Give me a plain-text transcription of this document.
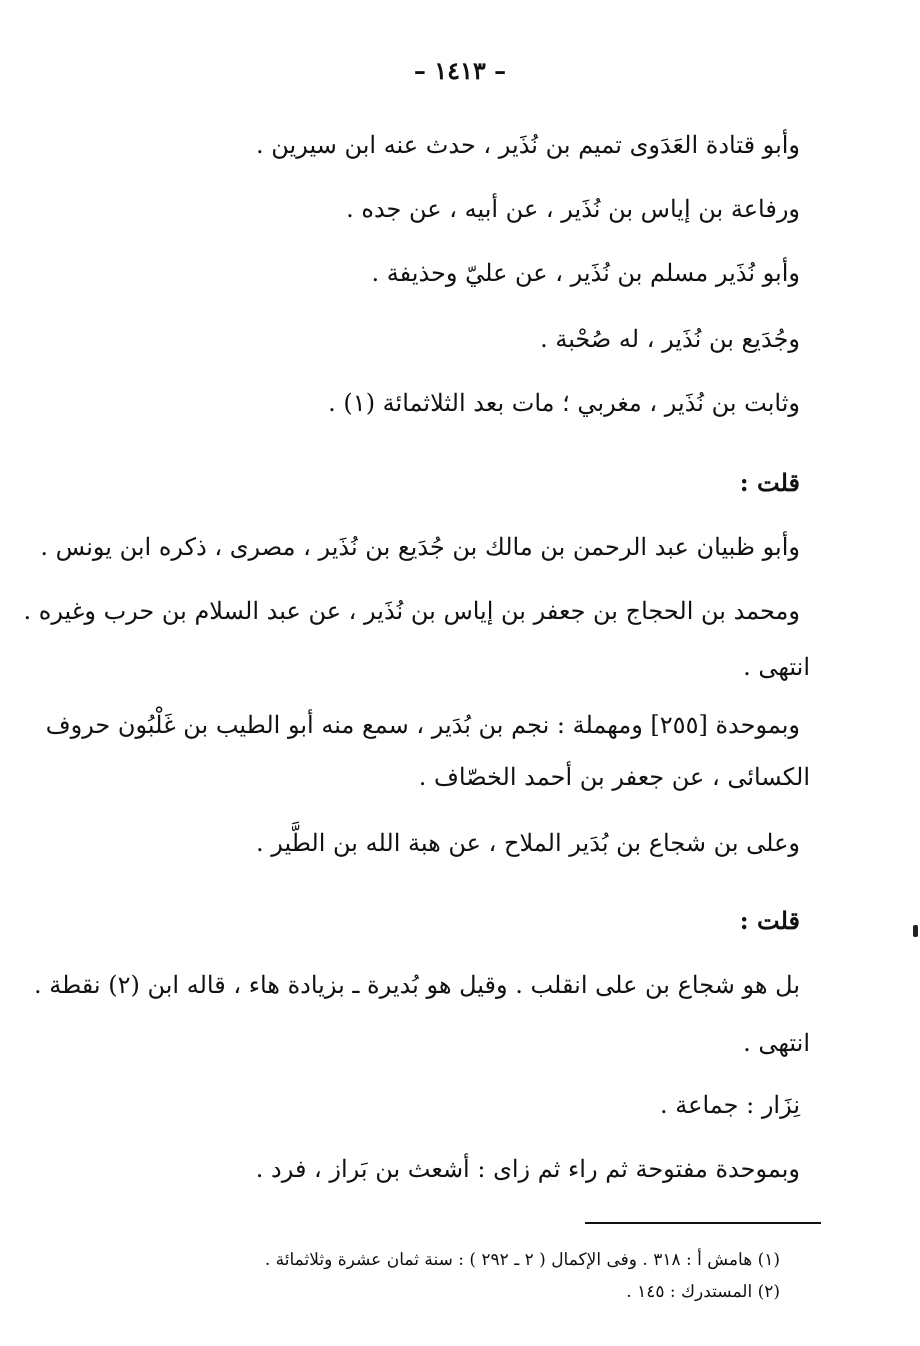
– ١٤١٣ –
وأبو قتادة العَدَوى تميم بن نُذَير ، حدث عنه ابن سيرين .
ورفاعة بن إياس بن نُذَير ، عن أبيه ، عن جده .
وأبو نُذَير مسلم بن نُذَير ، عن عليّ وحذيفة .
وجُدَيع بن نُذَير ، له صُحْبة .
وثابت بن نُذَير ، مغربي ؛ مات بعد الثلاثمائة (١) .
قلت :
وأبو ظبيان عبد الرحمن بن مالك بن جُدَيع بن نُذَير ، مصرى ، ذكره ابن يونس .
ومحمد بن الحجاج بن جعفر بن إياس بن نُذَير ، عن عبد السلام بن حرب وغيره .
انتهى .
وبموحدة [٢٥٥] ومهملة : نجم بن بُدَير ، سمع منه أبو الطيب بن غَلْبُون حروف
الكسائى ، عن جعفر بن أحمد الخصّاف .
وعلى بن شجاع بن بُدَير الملاح ، عن هبة الله بن الطَّير .
قلت :
بل هو شجاع بن على انقلب . وقيل هو بُديرة ـ بزيادة هاء ، قاله ابن (٢) نقطة .
انتهى .
نِزَار : جماعة .
وبموحدة مفتوحة ثم راء ثم زاى : أشعث بن بَراز ، فرد .
(١) هامش أ : ٣١٨ . وفى الإكمال ( ٢ ـ ٢٩٢ ) : سنة ثمان عشرة وثلاثمائة .
(٢) المستدرك : ١٤٥ .
